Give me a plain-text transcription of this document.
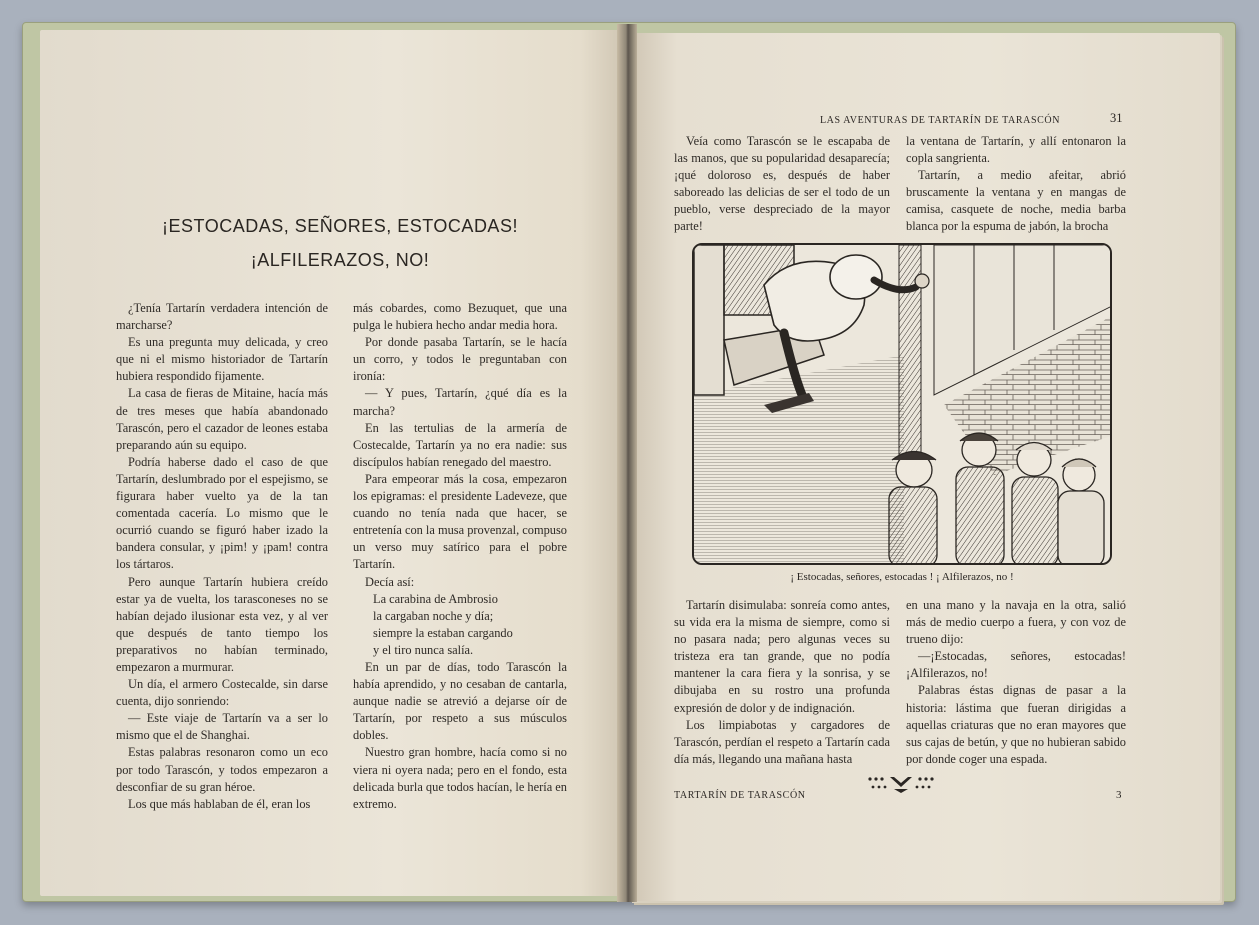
¡ESTOCADAS, SEÑORES, ESTOCADAS!
¡ALFILERAZOS, NO!

¿Tenía Tartarín verdadera intención de marcharse?

Es una pregunta muy delicada, y creo que ni el mismo historiador de Tartarín hubiera respondido fijamente.

La casa de fieras de Mitaine, hacía más de tres meses que había abandonado Tarascón, pero el cazador de leones estaba preparando aún su equipo.

Podría haberse dado el caso de que Tartarín, deslumbrado por el espejismo, se figurara haber vuelto ya de la tan comentada cacería. Lo mismo que le ocurrió cuando se figuró haber izado la bandera consular, y ¡pim! y ¡pam! contra los tártaros.

Pero aunque Tartarín hubiera creído estar ya de vuelta, los tarasconeses no se habían dejado ilusionar esta vez, y al ver que después de tanto tiempo los preparativos no habían terminado, empezaron a murmurar.

Un día, el armero Costecalde, sin darse cuenta, dijo sonriendo:

— Este viaje de Tartarín va a ser lo mismo que el de Shanghai.

Estas palabras resonaron como un eco por todo Tarascón, y todos empezaron a desconfiar de su gran héroe.

Los que más hablaban de él, eran los

más cobardes, como Bezuquet, que una pulga le hubiera hecho andar media hora.

Por donde pasaba Tartarín, se le hacía un corro, y todos le preguntaban con ironía:

— Y pues, Tartarín, ¿qué día es la marcha?

En las tertulias de la armería de Costecalde, Tartarín ya no era nadie: sus discípulos habían renegado del maestro.

Para empeorar más la cosa, empezaron los epigramas: el presidente Ladeveze, que cuando no tenía nada que hacer, se entretenía con la musa provenzal, compuso un verso muy satírico para el pobre Tartarín.

Decía así:

La carabina de Ambrosio

la cargaban noche y día;

siempre la estaban cargando

y el tiro nunca salía.

En un par de días, todo Tarascón la había aprendido, y no cesaban de cantarla, aunque nadie se atrevió a dejarse oír de Tartarín, por respeto a sus músculos dobles.

Nuestro gran hombre, hacía como si no viera ni oyera nada; pero en el fondo, esta delicada burla que todos hacían, le hería en extremo.

LAS AVENTURAS DE TARTARÍN DE TARASCÓN	31

Veía como Tarascón se le escapaba de las manos, que su popularidad desaparecía; ¡qué doloroso es, después de haber saboreado las delicias de ser el todo de un pueblo, verse despreciado de la mayor parte!

la ventana de Tartarín, y allí entonaron la copla sangrienta.

Tartarín, a medio afeitar, abrió bruscamente la ventana y en mangas de camisa, casquete de noche, media barba blanca por la espuma de jabón, la brocha

¡ Estocadas, señores, estocadas ! ¡ Alfilerazos, no !

Tartarín disimulaba: sonreía como antes, su vida era la misma de siempre, como si no pasara nada; pero algunas veces su tristeza era tan grande, que no podía mantener la cara fiera y la sonrisa, y se dibujaba en su rostro una profunda expresión de dolor y de indignación.

Los limpiabotas y cargadores de Tarascón, perdían el respeto a Tartarín cada día más, llegando una mañana hasta

en una mano y la navaja en la otra, salió más de medio cuerpo a fuera, y con voz de trueno dijo:

—¡Estocadas, señores, estocadas! ¡Alfilerazos, no!

Palabras éstas dignas de pasar a la historia: lástima que fueran dirigidas a aquellas criaturas que no eran mayores que sus cajas de betún, y que no hubieran sabido por donde coger una espada.

TARTARÍN DE TARASCÓN	3
